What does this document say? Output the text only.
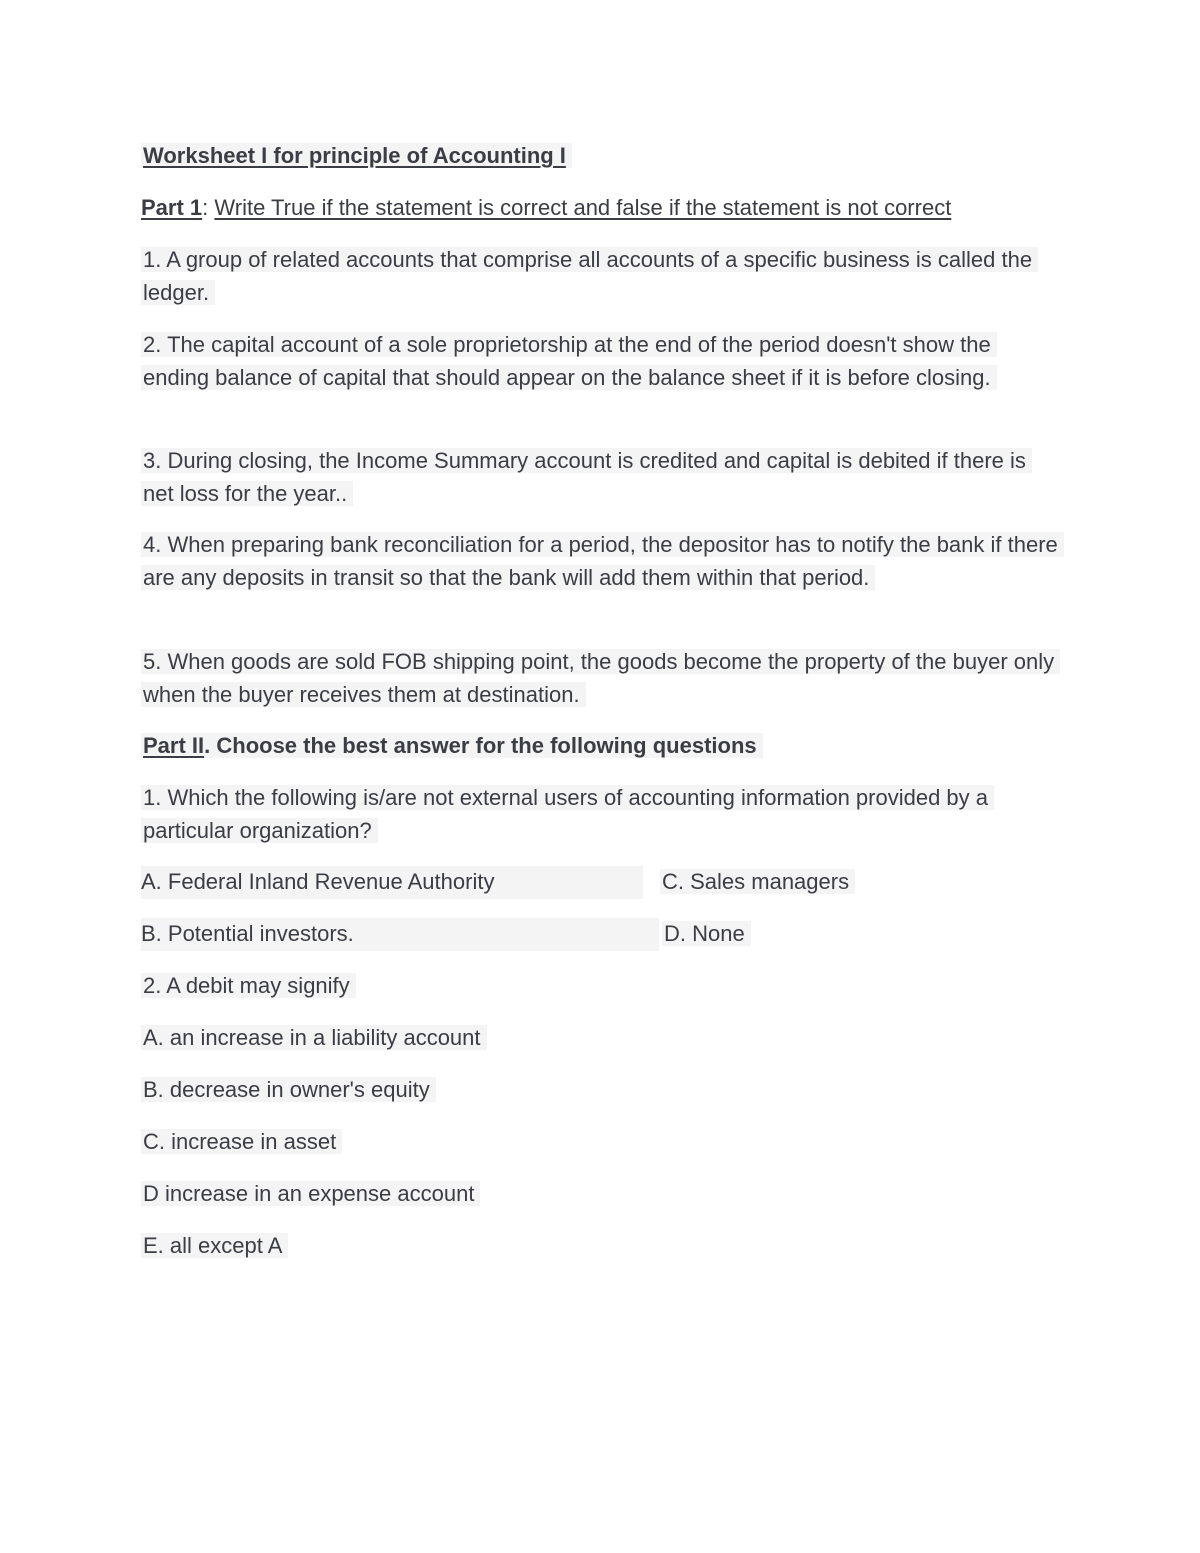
Worksheet I for principle of Accounting I
Part 1: Write True if the statement is correct and false if the statement is not correct
1. A group of related accounts that comprise all accounts of a specific business is called the ledger.
2. The capital account of a sole proprietorship at the end of the period doesn't show the ending balance of capital that should appear on the balance sheet if it is before closing.
3. During closing, the Income Summary account is credited and capital is debited if there is net loss for the year..
4. When preparing bank reconciliation for a period, the depositor has to notify the bank if there are any deposits in transit so that the bank will add them within that period.
5. When goods are sold FOB shipping point, the goods become the property of the buyer only when the buyer receives them at destination.
Part II. Choose the best answer for the following questions
1. Which the following is/are not external users of accounting information provided by a particular organization?
A. Federal Inland Revenue Authority	C. Sales managers
B. Potential investors.	D. None
2. A debit may signify
A. an increase in a liability account
B. decrease in owner's equity
C. increase in asset
D increase in an expense account
E. all except A
